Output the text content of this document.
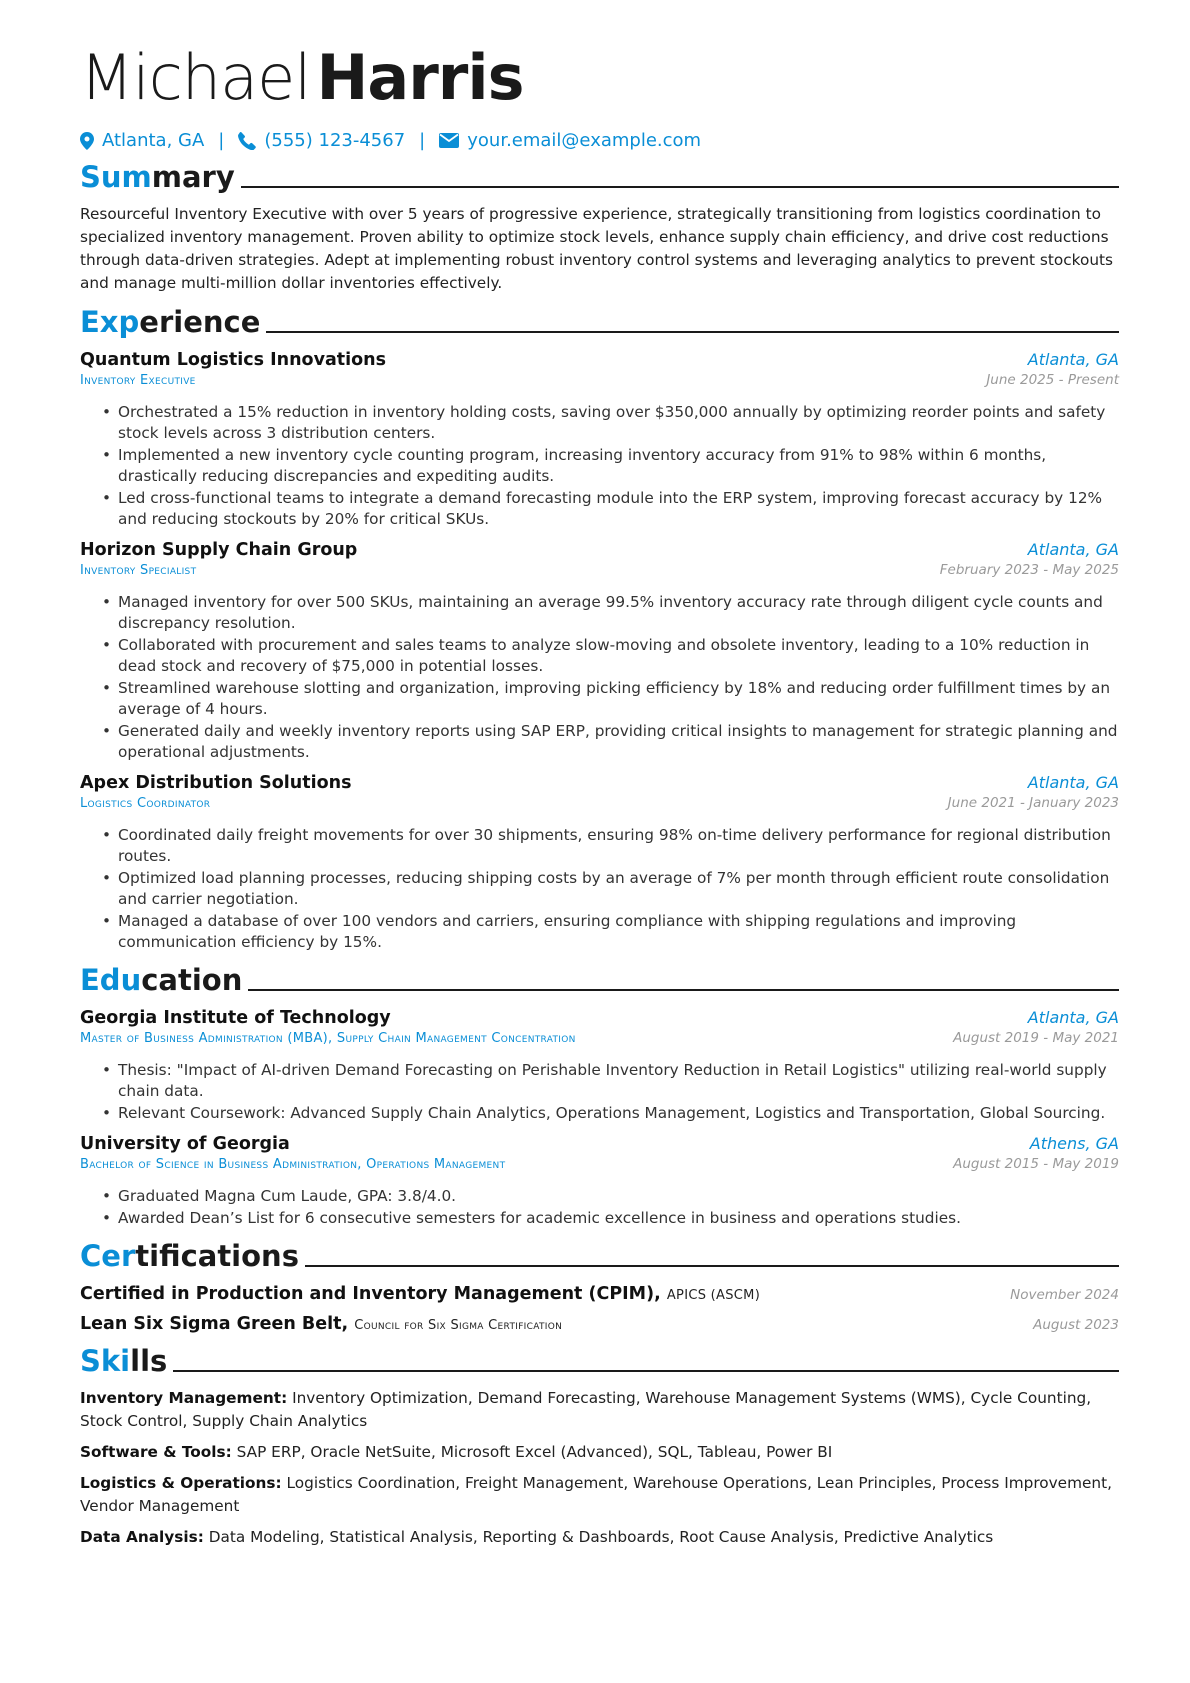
MichaelHarris
Atlanta, GA | (555) 123-4567 | your.email@example.com
Summary

Resourceful Inventory Executive with over 5 years of progressive experience, strategically transitioning from logistics coordination to specialized inventory management. Proven ability to optimize stock levels, enhance supply chain efficiency, and drive cost reductions through data-driven strategies. Adept at implementing robust inventory control systems and leveraging analytics to prevent stockouts and manage multi-million dollar inventories effectively.

Experience
Quantum Logistics Innovations	Atlanta, GA
Inventory Executive	June 2025 - Present
• Orchestrated a 15% reduction in inventory holding costs, saving over $350,000 annually by optimizing reorder points and safety stock levels across 3 distribution centers.
• Implemented a new inventory cycle counting program, increasing inventory accuracy from 91% to 98% within 6 months, drastically reducing discrepancies and expediting audits.
• Led cross-functional teams to integrate a demand forecasting module into the ERP system, improving forecast accuracy by 12% and reducing stockouts by 20% for critical SKUs.
Horizon Supply Chain Group	Atlanta, GA
Inventory Specialist	February 2023 - May 2025
• Managed inventory for over 500 SKUs, maintaining an average 99.5% inventory accuracy rate through diligent cycle counts and discrepancy resolution.
• Collaborated with procurement and sales teams to analyze slow-moving and obsolete inventory, leading to a 10% reduction in dead stock and recovery of $75,000 in potential losses.
• Streamlined warehouse slotting and organization, improving picking efficiency by 18% and reducing order fulfillment times by an average of 4 hours.
• Generated daily and weekly inventory reports using SAP ERP, providing critical insights to management for strategic planning and operational adjustments.
Apex Distribution Solutions	Atlanta, GA
Logistics Coordinator	June 2021 - January 2023
• Coordinated daily freight movements for over 30 shipments, ensuring 98% on-time delivery performance for regional distribution routes.
• Optimized load planning processes, reducing shipping costs by an average of 7% per month through efficient route consolidation and carrier negotiation.
• Managed a database of over 100 vendors and carriers, ensuring compliance with shipping regulations and improving communication efficiency by 15%.
Education
Georgia Institute of Technology	Atlanta, GA
Master of Business Administration (MBA), Supply Chain Management Concentration	August 2019 - May 2021
• Thesis: "Impact of AI-driven Demand Forecasting on Perishable Inventory Reduction in Retail Logistics" utilizing real-world supply chain data.
• Relevant Coursework: Advanced Supply Chain Analytics, Operations Management, Logistics and Transportation, Global Sourcing.
University of Georgia	Athens, GA
Bachelor of Science in Business Administration, Operations Management	August 2015 - May 2019
• Graduated Magna Cum Laude, GPA: 3.8/4.0.
• Awarded Dean’s List for 6 consecutive semesters for academic excellence in business and operations studies.
Certifications
Certified in Production and Inventory Management (CPIM), APICS (ASCM)	November 2024
Lean Six Sigma Green Belt, Council for Six Sigma Certification	August 2023
Skills
Inventory Management: Inventory Optimization, Demand Forecasting, Warehouse Management Systems (WMS), Cycle Counting, Stock Control, Supply Chain Analytics
Software & Tools: SAP ERP, Oracle NetSuite, Microsoft Excel (Advanced), SQL, Tableau, Power BI
Logistics & Operations: Logistics Coordination, Freight Management, Warehouse Operations, Lean Principles, Process Improvement, Vendor Management
Data Analysis: Data Modeling, Statistical Analysis, Reporting & Dashboards, Root Cause Analysis, Predictive Analytics
